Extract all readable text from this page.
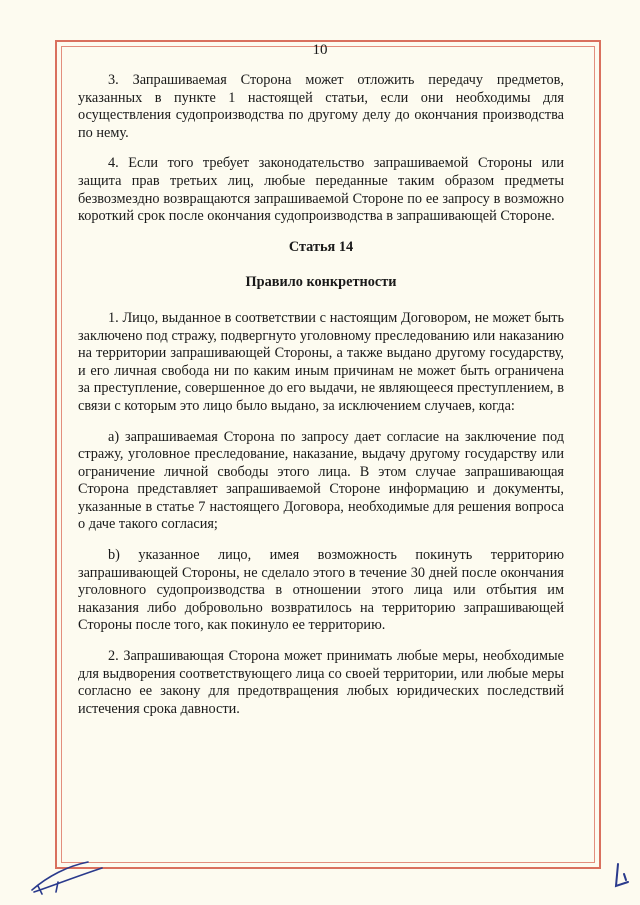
10

3. Запрашиваемая Сторона может отложить передачу предметов, указанных в пункте 1 настоящей статьи, если они необходимы для осуществления судопроизводства по другому делу до окончания производства по нему.

4. Если того требует законодательство запрашиваемой Стороны или защита прав третьих лиц, любые переданные таким образом предметы безвозмездно возвращаются запрашиваемой Стороне по ее запросу в возможно короткий срок после окончания судопроизводства в запрашивающей Стороне.

Статья 14
Правило конкретности

1. Лицо, выданное в соответствии с настоящим Договором, не может быть заключено под стражу, подвергнуто уголовному преследованию или наказанию на территории запрашивающей Стороны, а также выдано другому государству, и его личная свобода ни по каким иным причинам не может быть ограничена за преступление, совершенное до его выдачи, не являющееся преступлением, в связи с которым это лицо было выдано, за исключением случаев, когда:

а) запрашиваемая Сторона по запросу дает согласие на заключение под стражу, уголовное преследование, наказание, выдачу другому государству или ограничение личной свободы этого лица. В этом случае запрашивающая Сторона представляет запрашиваемой Стороне информацию и документы, указанные в статье 7 настоящего Договора, необходимые для решения вопроса о даче такого согласия;

b) указанное лицо, имея возможность покинуть территорию запрашивающей Стороны, не сделало этого в течение 30 дней после окончания уголовного судопроизводства в отношении этого лица или отбытия им наказания либо добровольно возвратилось на территорию запрашивающей Стороны после того, как покинуло ее территорию.

2. Запрашивающая Сторона может принимать любые меры, необходимые для выдворения соответствующего лица со своей территории, или любые меры согласно ее закону для предотвращения любых юридических последствий истечения срока давности.
